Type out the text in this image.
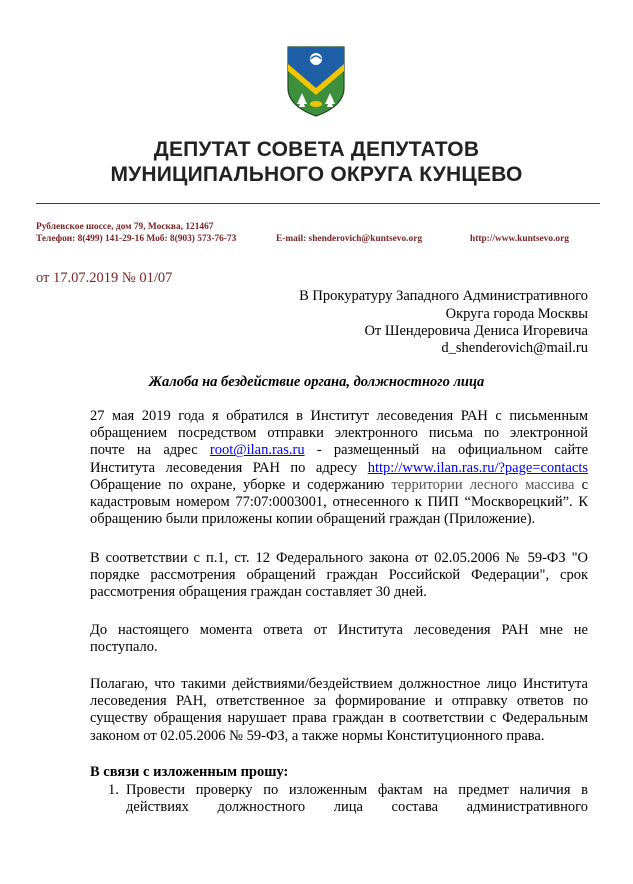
ДЕПУТАТ СОВЕТА ДЕПУТАТОВ
МУНИЦИПАЛЬНОГО ОКРУГА КУНЦЕВО
Рублевское шоссе, дом 79, Москва, 121467
Телефон: 8(499) 141-29-16 Моб: 8(903) 573-76-73	E-mail: shenderovich@kuntsevo.org	http://www.kuntsevo.org
от 17.07.2019 № 01/07
В Прокуратуру Западного Административного
Округа города Москвы
От Шендеровича Дениса Игоревича
d_shenderovich@mail.ru
Жалоба на бездействие органа, должностного лица
27 мая 2019 года я обратился в Институт лесоведения РАН с письменным
обращением посредством отправки электронного письма по электронной
почте на адрес root@ilan.ras.ru - размещенный на официальном сайте
Института лесоведения РАН по адресу http://www.ilan.ras.ru/?page=contacts
Обращение по охране, уборке и содержанию территории лесного массива с
кадастровым номером 77:07:0003001, отнесенного к ПИП “Москворецкий”. К
обращению были приложены копии обращений граждан (Приложение).
В соответствии с п.1, ст. 12 Федерального закона от 02.05.2006 № 59-ФЗ "О
порядке рассмотрения обращений граждан Российской Федерации", срок
рассмотрения обращения граждан составляет 30 дней.
До настоящего момента ответа от Института лесоведения РАН мне не
поступало.
Полагаю, что такими действиями/бездействием должностное лицо Института
лесоведения РАН, ответственное за формирование и отправку ответов по
существу обращения нарушает права граждан в соответствии с Федеральным
законом от 02.05.2006 № 59-ФЗ, а также нормы Конституционного права.
В связи с изложенным прошу:
1. Провести проверку по изложенным фактам на предмет наличия в
действиях должностного лица состава административного
